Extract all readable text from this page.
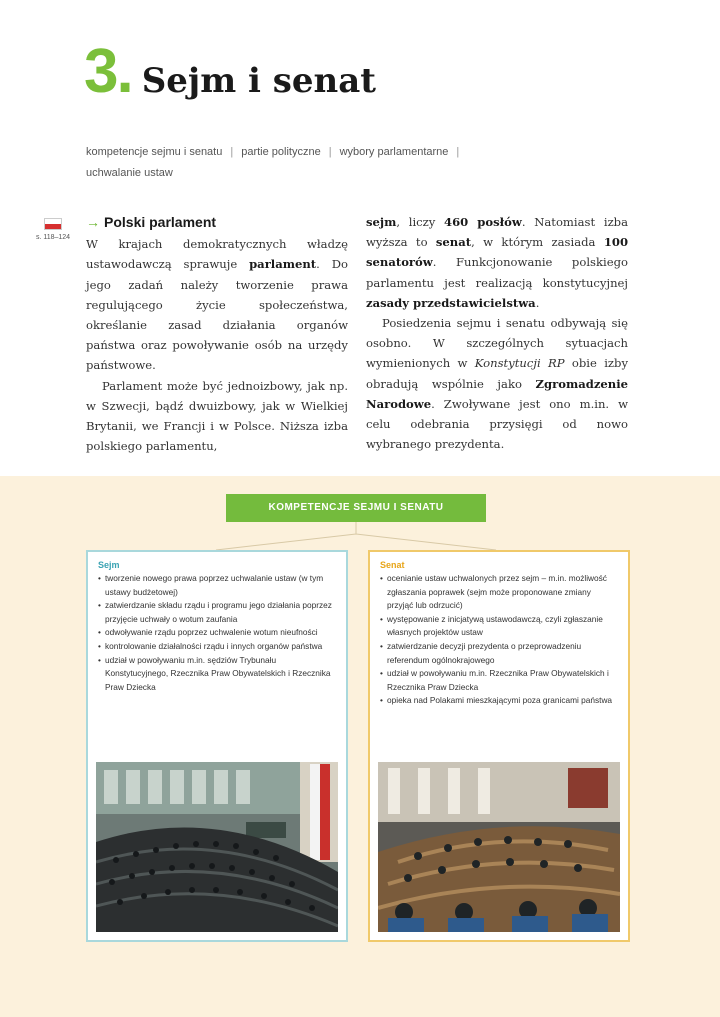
3. Sejm i senat
kompetencje sejmu i senatu | partie polityczne | wybory parlamentarne |
uchwalanie ustaw
s. 118–124
→ Polski parlament

W krajach demokratycznych władzę ustawodawczą sprawuje parlament. Do jego zadań należy tworzenie prawa regulującego życie społeczeństwa, określanie zasad działania organów państwa oraz powoływanie osób na urzędy państwowe.

Parlament może być jednoizbowy, jak np. w Szwecji, bądź dwuizbowy, jak w Wielkiej Brytanii, we Francji i w Polsce. Niższa izba polskiego parlamentu,

sejm, liczy 460 posłów. Natomiast izba wyższa to senat, w którym zasiada 100 senatorów. Funkcjonowanie polskiego parlamentu jest realizacją konstytucyjnej zasady przedstawicielstwa.

Posiedzenia sejmu i senatu odbywają się osobno. W szczególnych sytuacjach wymienionych w Konstytucji RP obie izby obradują wspólnie jako Zgromadzenie Narodowe. Zwoływane jest ono m.in. w celu odebrania przysięgi od nowo wybranego prezydenta.

KOMPETENCJE SEJMU I SENATU
Sejm
• tworzenie nowego prawa poprzez uchwalanie ustaw (w tym ustawy budżetowej)
• zatwierdzanie składu rządu i programu jego działania poprzez przyjęcie uchwały o wotum zaufania
• odwoływanie rządu poprzez uchwalenie wotum nieufności
• kontrolowanie działalności rządu i innych organów państwa
• udział w powoływaniu m.in. sędziów Trybunału Konstytucyjnego, Rzecznika Praw Obywatelskich i Rzecznika Praw Dziecka
Senat
• ocenianie ustaw uchwalonych przez sejm – m.in. możliwość zgłaszania poprawek (sejm może proponowane zmiany przyjąć lub odrzucić)
• występowanie z inicjatywą ustawodawczą, czyli zgłaszanie własnych projektów ustaw
• zatwierdzanie decyzji prezydenta o przeprowadzeniu referendum ogólnokrajowego
• udział w powoływaniu m.in. Rzecznika Praw Obywatelskich i Rzecznika Praw Dziecka
• opieka nad Polakami mieszkającymi poza granicami państwa
